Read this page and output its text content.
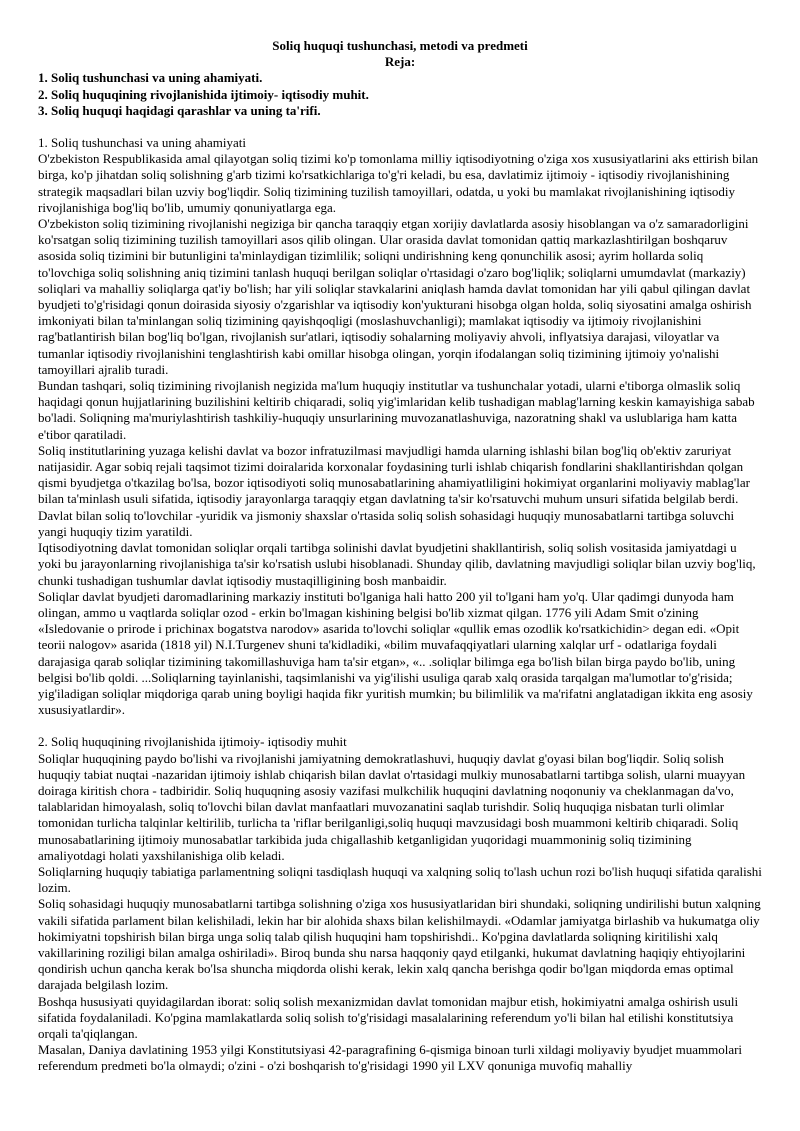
Soliq huquqi tushunchasi, metodi va predmeti
Reja:
1. Soliq tushunchasi va uning ahamiyati.
2. Soliq huquqining rivojlanishida ijtimoiy- iqtisodiy muhit.
3. Soliq huquqi haqidagi qarashlar va uning ta'rifi.
1. Soliq tushunchasi va uning ahamiyati
O'zbekiston Respublikasida amal qilayotgan soliq tizimi ko'p tomonlama milliy iqtisodiyotning o'ziga xos xususiyatlarini aks ettirish bilan birga, ko'p jihatdan soliq solishning g'arb tizimi ko'rsatkichlariga to'g'ri keladi, bu esa, davlatimiz ijtimoiy - iqtisodiy rivojlanishining strategik maqsadlari bilan uzviy bog'liqdir. Soliq tizimining tuzilish tamoyillari, odatda, u yoki bu mamlakat rivojlanishining iqtisodiy rivojlanishiga bog'liq bo'lib, umumiy qonuniyatlarga ega.
O'zbekiston soliq tizimining rivojlanishi negiziga bir qancha taraqqiy etgan xorijiy davlatlarda asosiy hisoblangan va o'z samaradorligini ko'rsatgan soliq tizimining tuzilish tamoyillari asos qilib olingan. Ular orasida davlat tomonidan qattiq markazlashtirilgan boshqaruv asosida soliq tizimini bir butunligini ta'minlaydigan tizimlilik; soliqni undirishning keng qonunchilik asosi; ayrim hollarda soliq to'lovchiga soliq solishning aniq tizimini tanlash huquqi berilgan soliqlar o'rtasidagi o'zaro bog'liqlik; soliqlarni umumdavlat (markaziy) soliqlari va mahalliy soliqlarga qat'iy bo'lish; har yili soliqlar stavkalarini aniqlash hamda davlat tomonidan har yili qabul qilingan davlat byudjeti to'g'risidagi qonun doirasida siyosiy o'zgarishlar va iqtisodiy kon'yukturani hisobga olgan holda, soliq siyosatini amalga oshirish imkoniyati bilan ta'minlangan soliq tizimining qayishqoqligi (moslashuvchanligi); mamlakat iqtisodiy va ijtimoiy rivojlanishini rag'batlantirish bilan bog'liq bo'lgan, rivojlanish sur'atlari, iqtisodiy sohalarning moliyaviy ahvoli, inflyatsiya darajasi, viloyatlar va tumanlar iqtisodiy rivojlanishini tenglashtirish kabi omillar hisobga olingan, yorqin ifodalangan soliq tizimining ijtimoiy yo'nalishi tamoyillari ajralib turadi.
Bundan tashqari, soliq tizimining rivojlanish negizida ma'lum huquqiy institutlar va tushunchalar yotadi, ularni e'tiborga olmaslik soliq haqidagi qonun hujjatlarining buzilishini keltirib chiqaradi, soliq yig'imlaridan kelib tushadigan mablag'larning keskin kamayishiga sabab bo'ladi. Soliqning ma'muriylashtirish tashkiliy-huquqiy unsurlarining muvozanatlashuviga, nazoratning shakl va uslublariga ham katta e'tibor qaratiladi.
Soliq institutlarining yuzaga kelishi davlat va bozor infratuzilmasi mavjudligi hamda ularning ishlashi bilan bog'liq ob'ektiv zaruriyat natijasidir. Agar sobiq rejali taqsimot tizimi doiralarida korxonalar foydasining turli ishlab chiqarish fondlarini shakllantirishdan qolgan qismi byudjetga o'tkazilag bo'lsa, bozor iqtisodiyoti soliq munosabatlarining ahamiyatliligini hokimiyat organlarini moliyaviy mablag'lar bilan ta'minlash usuli sifatida, iqtisodiy jarayonlarga taraqqiy etgan davlatning ta'sir ko'rsatuvchi muhum unsuri sifatida belgilab berdi. Davlat bilan soliq to'lovchilar -yuridik va jismoniy shaxslar o'rtasida soliq solish sohasidagi huquqiy munosabatlarni tartibga soluvchi yangi huquqiy tizim yaratildi.
Iqtisodiyotning davlat tomonidan soliqlar orqali tartibga solinishi davlat byudjetini shakllantirish, soliq solish vositasida jamiyatdagi u yoki bu jarayonlarning rivojlanishiga ta'sir ko'rsatish uslubi hisoblanadi. Shunday qilib, davlatning mavjudligi soliqlar bilan uzviy bog'liq, chunki tushadigan tushumlar davlat iqtisodiy mustaqilligining bosh manbaidir.
Soliqlar davlat byudjeti daromadlarining markaziy instituti bo'lganiga hali hatto 200 yil to'lgani ham yo'q. Ular qadimgi dunyoda ham olingan, ammo u vaqtlarda soliqlar ozod - erkin bo'lmagan kishining belgisi bo'lib xizmat qilgan. 1776 yili Adam Smit o'zining «Isledovanie o prirode i prichinax bogatstva narodov» asarida to'lovchi soliqlar «qullik emas ozodlik ko'rsatkichidin> degan edi. «Opit teorii nalogov» asarida (1818 yil) N.I.Turgenev shuni ta'kidladiki, «bilim muvafaqqiyatlari ularning xalqlar urf - odatlariga foydali darajasiga qarab soliqlar tizimining takomillashuviga ham ta'sir etgan», «.. .soliqlar bilimga ega bo'lish bilan birga paydo bo'lib, uning belgisi bo'lib qoldi. ...Soliqlarning tayinlanishi, taqsimlanishi va yig'ilishi usuliga qarab xalq orasida tarqalgan ma'lumotlar to'g'risida; yig'iladigan soliqlar miqdoriga qarab uning boyligi haqida fikr yuritish mumkin; bu bilimlilik va ma'rifatni anglatadigan ikkita eng asosiy xususiyatlardir».
2. Soliq huquqining rivojlanishida ijtimoiy- iqtisodiy muhit
Soliqlar huquqining paydo bo'lishi va rivojlanishi jamiyatning demokratlashuvi, huquqiy davlat g'oyasi bilan bog'liqdir. Soliq solish huquqiy tabiat nuqtai -nazaridan ijtimoiy ishlab chiqarish bilan davlat o'rtasidagi mulkiy munosabatlarni tartibga solish, ularni muayyan doiraga kiritish chora - tadbiridir. Soliq huquqning asosiy vazifasi mulkchilik huquqini davlatning noqonuniy va cheklanmagan da'vo, talablaridan himoyalash, soliq to'lovchi bilan davlat manfaatlari muvozanatini saqlab turishdir. Soliq huquqiga nisbatan turli olimlar tomonidan turlicha talqinlar keltirilib, turlicha ta 'riflar berilganligi,soliq huquqi mavzusidagi bosh muammoni keltirib chiqaradi. Soliq munosabatlarining ijtimoiy munosabatlar tarkibida juda chigallashib ketganligidan yuqoridagi muammoninig soliq tizimining amaliyotdagi holati yaxshilanishiga olib keladi.
Soliqlarning huquqiy tabiatiga parlamentning soliqni tasdiqlash huquqi va xalqning soliq to'lash uchun rozi bo'lish huquqi sifatida qaralishi lozim.
Soliq sohasidagi huquqiy munosabatlarni tartibga solishning o'ziga xos hususiyatlaridan biri shundaki, soliqning undirilishi butun xalqning vakili sifatida parlament bilan kelishiladi, lekin har bir alohida shaxs bilan kelishilmaydi. «Odamlar jamiyatga birlashib va hukumatga oliy hokimiyatni topshirish bilan birga unga soliq talab qilish huquqini ham topshirishdi.. Ko'pgina davlatlarda soliqning kiritilishi xalq vakillarining roziligi bilan amalga oshiriladi». Biroq bunda shu narsa haqqoniy qayd etilganki, hukumat davlatning haqiqiy ehtiyojlarini qondirish uchun qancha kerak bo'lsa shuncha miqdorda olishi kerak, lekin xalq qancha berishga qodir bo'lgan miqdorda emas optimal darajada belgilash lozim.
Boshqa hususiyati quyidagilardan iborat: soliq solish mexanizmidan davlat tomonidan majbur etish, hokimiyatni amalga oshirish usuli sifatida foydalaniladi. Ko'pgina mamlakatlarda soliq solish to'g'risidagi masalalarining referendum yo'li bilan hal etilishi konstitutsiya orqali ta'qiqlangan.
Masalan, Daniya davlatining 1953 yilgi Konstitutsiyasi 42-paragrafining 6-qismiga binoan turli xildagi moliyaviy byudjet muammolari referendum predmeti bo'la olmaydi; o'zini - o'zi boshqarish to'g'risidagi 1990 yil LXV qonuniga muvofiq mahalliy
